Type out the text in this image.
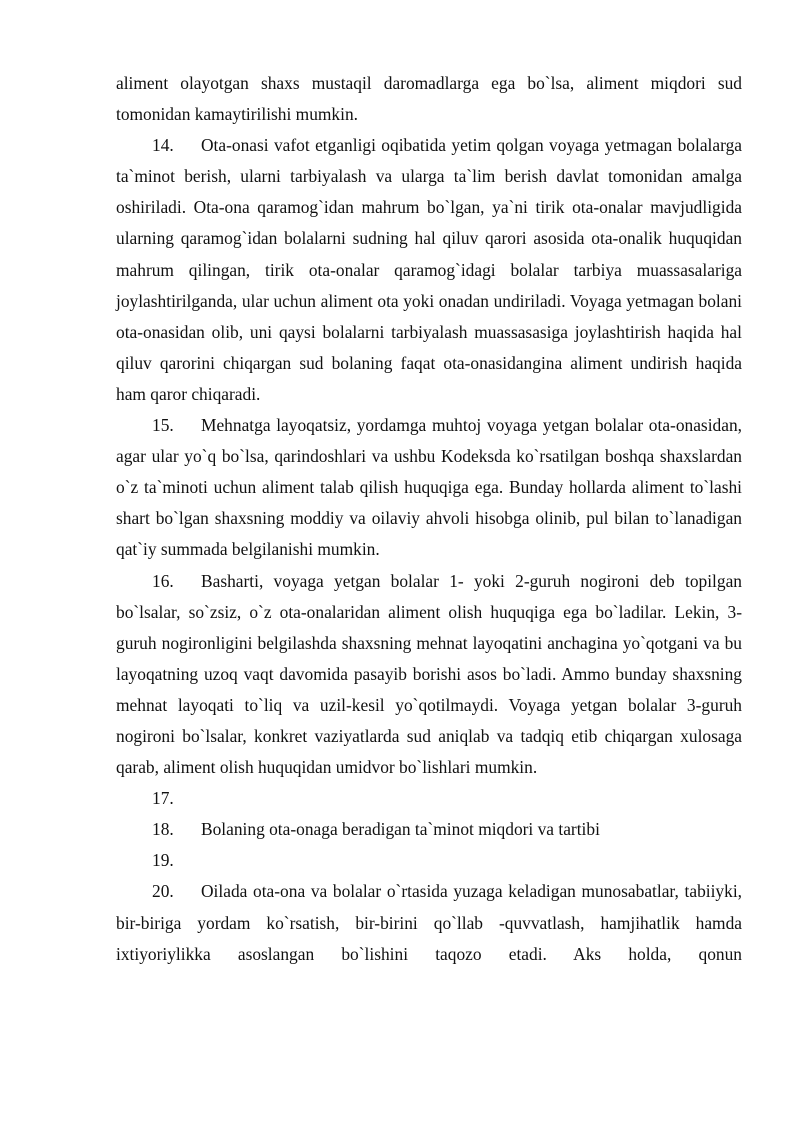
aliment olayotgan shaxs mustaqil daromadlarga ega bo`lsa, aliment miqdori sud tomonidan kamaytirilishi mumkin.

14. Ota-onasi vafot etganligi oqibatida yetim qolgan voyaga yetmagan bolalarga ta`minot berish, ularni tarbiyalash va ularga ta`lim berish davlat tomonidan amalga oshiriladi. Ota-ona qaramog`idan mahrum bo`lgan, ya`ni tirik ota-onalar mavjudligida ularning qaramog`idan bolalarni sudning hal qiluv qarori asosida ota-onalik huquqidan mahrum qilingan, tirik ota-onalar qaramog`idagi bolalar tarbiya muassasalariga joylashtirilganda, ular uchun aliment ota yoki onadan undiriladi. Voyaga yetmagan bolani ota-onasidan olib, uni qaysi bolalarni tarbiyalash muassasasiga joylashtirish haqida hal qiluv qarorini chiqargan sud bolaning faqat ota-onasidangina aliment undirish haqida ham qaror chiqaradi.

15. Mehnatga layoqatsiz, yordamga muhtoj voyaga yetgan bolalar ota-onasidan, agar ular yo`q bo`lsa, qarindoshlari va ushbu Kodeksda ko`rsatilgan boshqa shaxslardan o`z ta`minoti uchun aliment talab qilish huquqiga ega. Bunday hollarda aliment to`lashi shart bo`lgan shaxsning moddiy va oilaviy ahvoli hisobga olinib, pul bilan to`lanadigan qat`iy summada belgilanishi mumkin.

16. Basharti, voyaga yetgan bolalar 1- yoki 2-guruh nogironi deb topilgan bo`lsalar, so`zsiz, o`z ota-onalaridan aliment olish huquqiga ega bo`ladilar. Lekin, 3-guruh nogironligini belgilashda shaxsning mehnat layoqatini anchagina yo`qotgani va bu layoqatning uzoq vaqt davomida pasayib borishi asos bo`ladi. Ammo bunday shaxsning mehnat layoqati to`liq va uzil-kesil yo`qotilmaydi. Voyaga yetgan bolalar 3-guruh nogironi bo`lsalar, konkret vaziyatlarda sud aniqlab va tadqiq etib chiqargan xulosaga qarab, aliment olish huquqidan umidvor bo`lishlari mumkin.

17.

18. Bolaning ota-onaga beradigan ta`minot miqdori va tartibi

19.

20. Oilada ota-ona va bolalar o`rtasida yuzaga keladigan munosabatlar, tabiiyki, bir-biriga yordam ko`rsatish, bir-birini qo`llab -quvvatlash, hamjihatlik hamda ixtiyoriylikka asoslangan bo`lishini taqozo etadi. Aks holda, qonun
